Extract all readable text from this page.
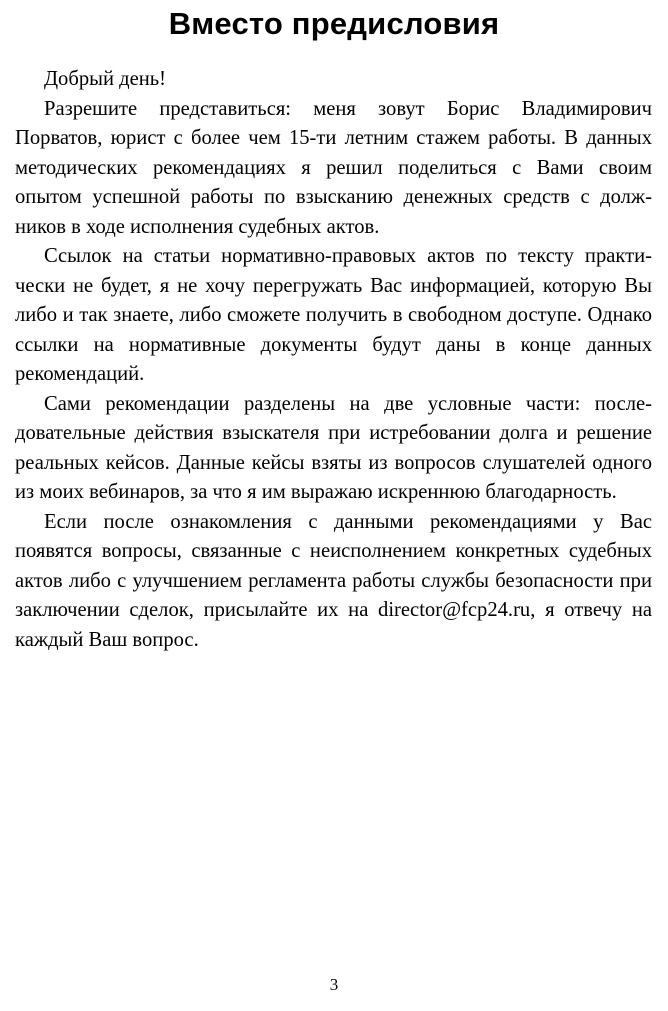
Вместо предисловия

Добрый день!

Разрешите представиться: меня зовут Борис Владимирович Порватов, юрист с более чем 15-ти летним стажем работы. В данных методических рекомендациях я решил поделиться с Вами своим опытом успешной работы по взысканию денежных средств с должников в ходе исполнения судебных актов.

Ссылок на статьи нормативно-правовых актов по тексту практически не будет, я не хочу перегружать Вас информацией, которую Вы либо и так знаете, либо сможете получить в свободном доступе. Однако ссылки на нормативные документы будут даны в конце данных рекомендаций.

Сами рекомендации разделены на две условные части: последовательные действия взыскателя при истребовании долга и решение реальных кейсов. Данные кейсы взяты из вопросов слушателей одного из моих вебинаров, за что я им выражаю искреннюю благодарность.

Если после ознакомления с данными рекомендациями у Вас появятся вопросы, связанные с неисполнением конкретных судебных актов либо с улучшением регламента работы службы безопасности при заключении сделок, присылайте их на director@fcp24.ru, я отвечу на каждый Ваш вопрос.

3
